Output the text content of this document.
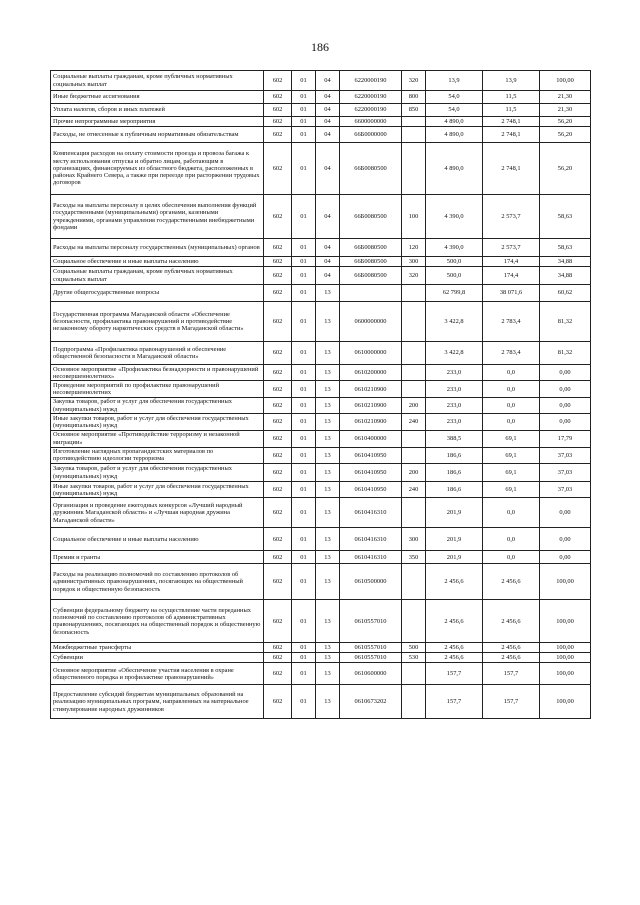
186
Социальные выплаты гражданам, кроме публичных нормативных социальных выплат	602	01	04	6220000190	320	13,9	13,9	100,00
Иные бюджетные ассигнования	602	01	04	6220000190	800	54,0	11,5	21,30
Уплата налогов, сборов и иных платежей	602	01	04	6220000190	850	54,0	11,5	21,30
Прочие непрограммные мероприятия	602	01	04	6600000000		4 890,0	2 748,1	56,20
Расходы, не отнесенные к публичным нормативным обязательствам	602	01	04	66Б0000000		4 890,0	2 748,1	56,20
Компенсация расходов на оплату стоимости проезда и провоза багажа к месту использования отпуска и обратно лицам, работающим в организациях, финансируемых из областного бюджета, расположенных в районах Крайнего Севера, а также при переезде при расторжении трудовых договоров	602	01	04	66Б0080500		4 890,0	2 748,1	56,20
Расходы на выплаты персоналу в целях обеспечения выполнения функций государственными (муниципальными) органами, казенными учреждениями, органами управления государственными внебюджетными фондами	602	01	04	66Б0080500	100	4 390,0	2 573,7	58,63
Расходы на выплаты персоналу государственных (муниципальных) органов	602	01	04	66Б0080500	120	4 390,0	2 573,7	58,63
Социальное обеспечение и иные выплаты населению	602	01	04	66Б0080500	300	500,0	174,4	34,88
Социальные выплаты гражданам, кроме публичных нормативных социальных выплат	602	01	04	66Б0080500	320	500,0	174,4	34,88
Другие общегосударственные вопросы	602	01	13			62 799,8	38 071,6	60,62
Государственная программа Магаданской области «Обеспечение безопасности, профилактика правонарушений и противодействие незаконному обороту наркотических средств в Магаданской области»	602	01	13	0600000000		3 422,8	2 783,4	81,32
Подпрограмма «Профилактика правонарушений и обеспечение общественной безопасности в Магаданской области»	602	01	13	0610000000		3 422,8	2 783,4	81,32
Основное мероприятие «Профилактика безнадзорности и правонарушений несовершеннолетних»	602	01	13	0610200000		233,0	0,0	0,00
Проведение мероприятий по профилактике правонарушений несовершеннолетних	602	01	13	0610210900		233,0	0,0	0,00
Закупка товаров, работ и услуг для обеспечения государственных (муниципальных) нужд	602	01	13	0610210900	200	233,0	0,0	0,00
Иные закупки товаров, работ и услуг для обеспечения государственных (муниципальных) нужд	602	01	13	0610210900	240	233,0	0,0	0,00
Основное мероприятие «Противодействие терроризму и незаконной миграции»	602	01	13	0610400000		388,5	69,1	17,79
Изготовление наглядных пропагандистских материалов по противодействию идеологии терроризма	602	01	13	0610410950		186,6	69,1	37,03
Закупка товаров, работ и услуг для обеспечения государственных (муниципальных) нужд	602	01	13	0610410950	200	186,6	69,1	37,03
Иные закупки товаров, работ и услуг для обеспечения государственных (муниципальных) нужд	602	01	13	0610410950	240	186,6	69,1	37,03
Организация и проведение ежегодных конкурсов «Лучший народный дружинник Магаданской области» и «Лучшая народная дружина Магаданской области»	602	01	13	0610416310		201,9	0,0	0,00
Социальное обеспечение и иные выплаты населению	602	01	13	0610416310	300	201,9	0,0	0,00
Премии и гранты	602	01	13	0610416310	350	201,9	0,0	0,00
Расходы на реализацию полномочий по составлению протоколов об административных правонарушениях, посягающих на общественный порядок и общественную безопасность	602	01	13	0610500000		2 456,6	2 456,6	100,00
Субвенции федеральному бюджету на осуществление части переданных полномочий по составлению протоколов об административных правонарушениях, посягающих на общественный порядок и общественную безопасность	602	01	13	0610557010		2 456,6	2 456,6	100,00
Межбюджетные трансферты	602	01	13	0610557010	500	2 456,6	2 456,6	100,00
Субвенции	602	01	13	0610557010	530	2 456,6	2 456,6	100,00
Основное мероприятие «Обеспечение участия населения в охране общественного порядка и профилактике правонарушений»	602	01	13	0610600000		157,7	157,7	100,00
Предоставление субсидий бюджетам муниципальных образований на реализацию муниципальных программ, направленных на материальное стимулирование народных дружинников	602	01	13	0610673202		157,7	157,7	100,00
